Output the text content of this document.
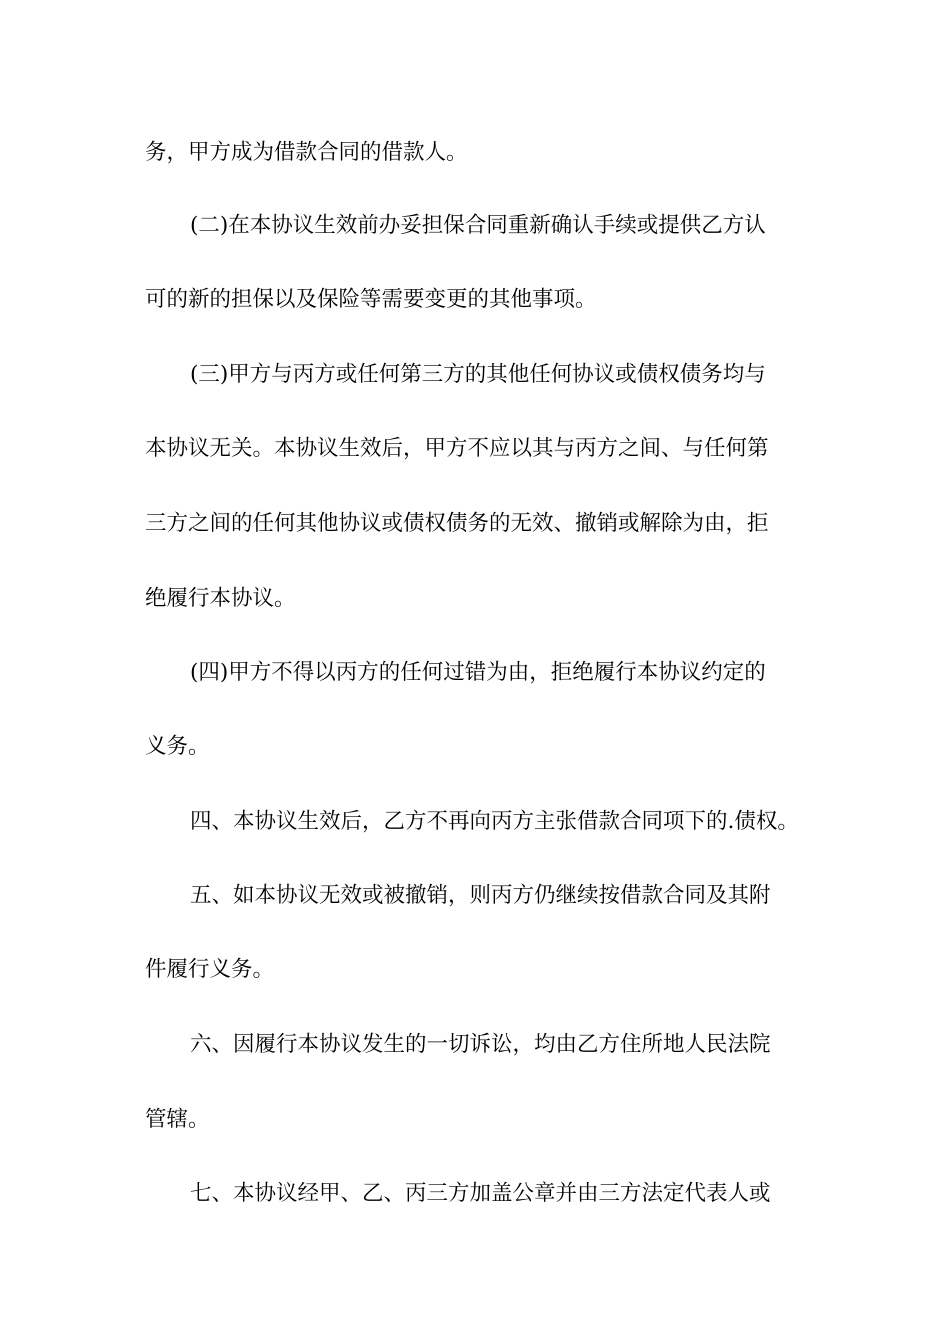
务，甲方成为借款合同的借款人。
(二)在本协议生效前办妥担保合同重新确认手续或提供乙方认
可的新的担保以及保险等需要变更的其他事项。
(三)甲方与丙方或任何第三方的其他任何协议或债权债务均与
本协议无关。本协议生效后，甲方不应以其与丙方之间、与任何第
三方之间的任何其他协议或债权债务的无效、撤销或解除为由，拒
绝履行本协议。
(四)甲方不得以丙方的任何过错为由，拒绝履行本协议约定的
义务。
四、本协议生效后，乙方不再向丙方主张借款合同项下的.债权。
五、如本协议无效或被撤销，则丙方仍继续按借款合同及其附
件履行义务。
六、因履行本协议发生的一切诉讼，均由乙方住所地人民法院
管辖。
七、本协议经甲、乙、丙三方加盖公章并由三方法定代表人或
